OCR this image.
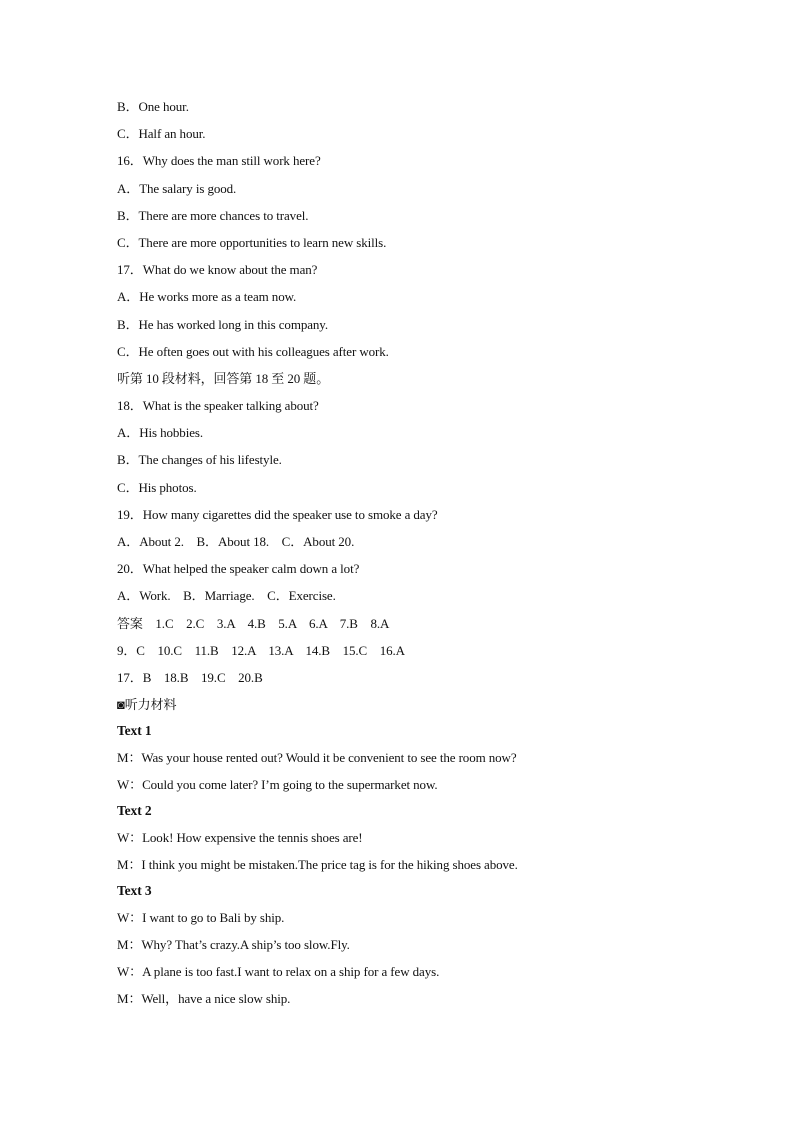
B．One hour.
C．Half an hour.
16．Why does the man still work here?
A．The salary is good.
B．There are more chances to travel.
C．There are more opportunities to learn new skills.
17．What do we know about the man?
A．He works more as a team now.
B．He has worked long in this company.
C．He often goes out with his colleagues after work.
听第 10 段材料，回答第 18 至 20 题。
18．What is the speaker talking about?
A．His hobbies.
B．The changes of his lifestyle.
C．His photos.
19．How many cigarettes did the speaker use to smoke a day?
A．About 2.    B．About 18.    C．About 20.
20．What helped the speaker calm down a lot?
A．Work.    B．Marriage.    C．Exercise.
答案    1.C    2.C    3.A    4.B    5.A    6.A    7.B    8.A
9．C    10.C    11.B    12.A    13.A    14.B    15.C    16.A
17．B    18.B    19.C    20.B
◙听力材料
Text 1
M：Was your house rented out? Would it be convenient to see the room now?
W：Could you come later? I’m going to the supermarket now.
Text 2
W：Look! How expensive the tennis shoes are!
M：I think you might be mistaken.The price tag is for the hiking shoes above.
Text 3
W：I want to go to Bali by ship.
M：Why? That’s crazy.A ship’s too slow.Fly.
W：A plane is too fast.I want to relax on a ship for a few days.
M：Well，have a nice slow ship.
